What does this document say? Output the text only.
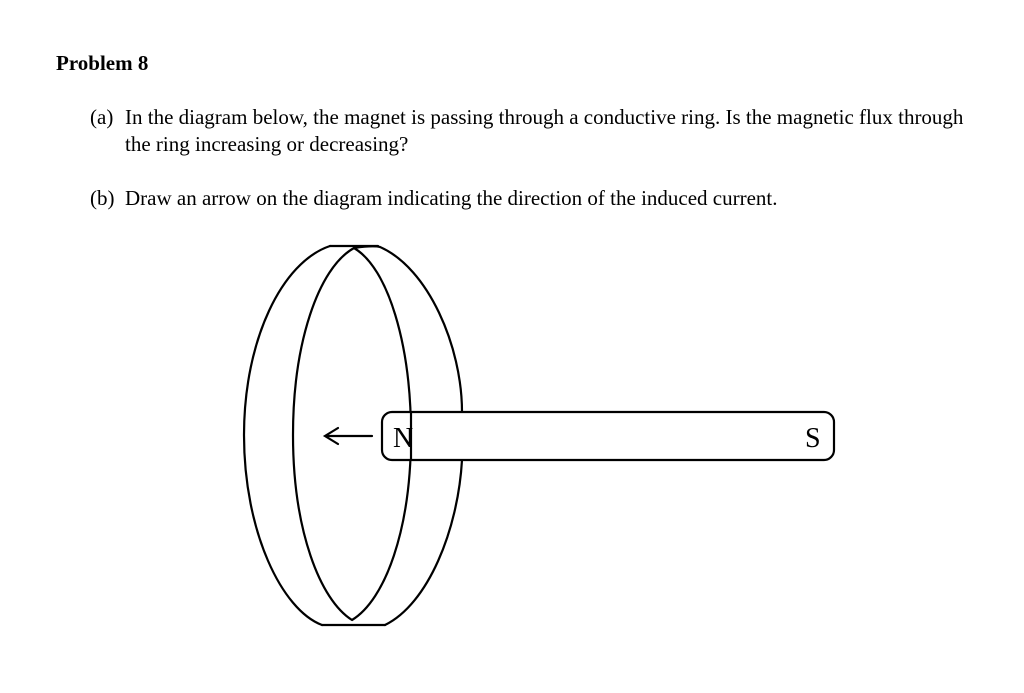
Problem 8
(a) In the diagram below, the magnet is passing through a conductive ring. Is the magnetic flux through the ring increasing or decreasing?
(b) Draw an arrow on the diagram indicating the direction of the induced current.
N	S
